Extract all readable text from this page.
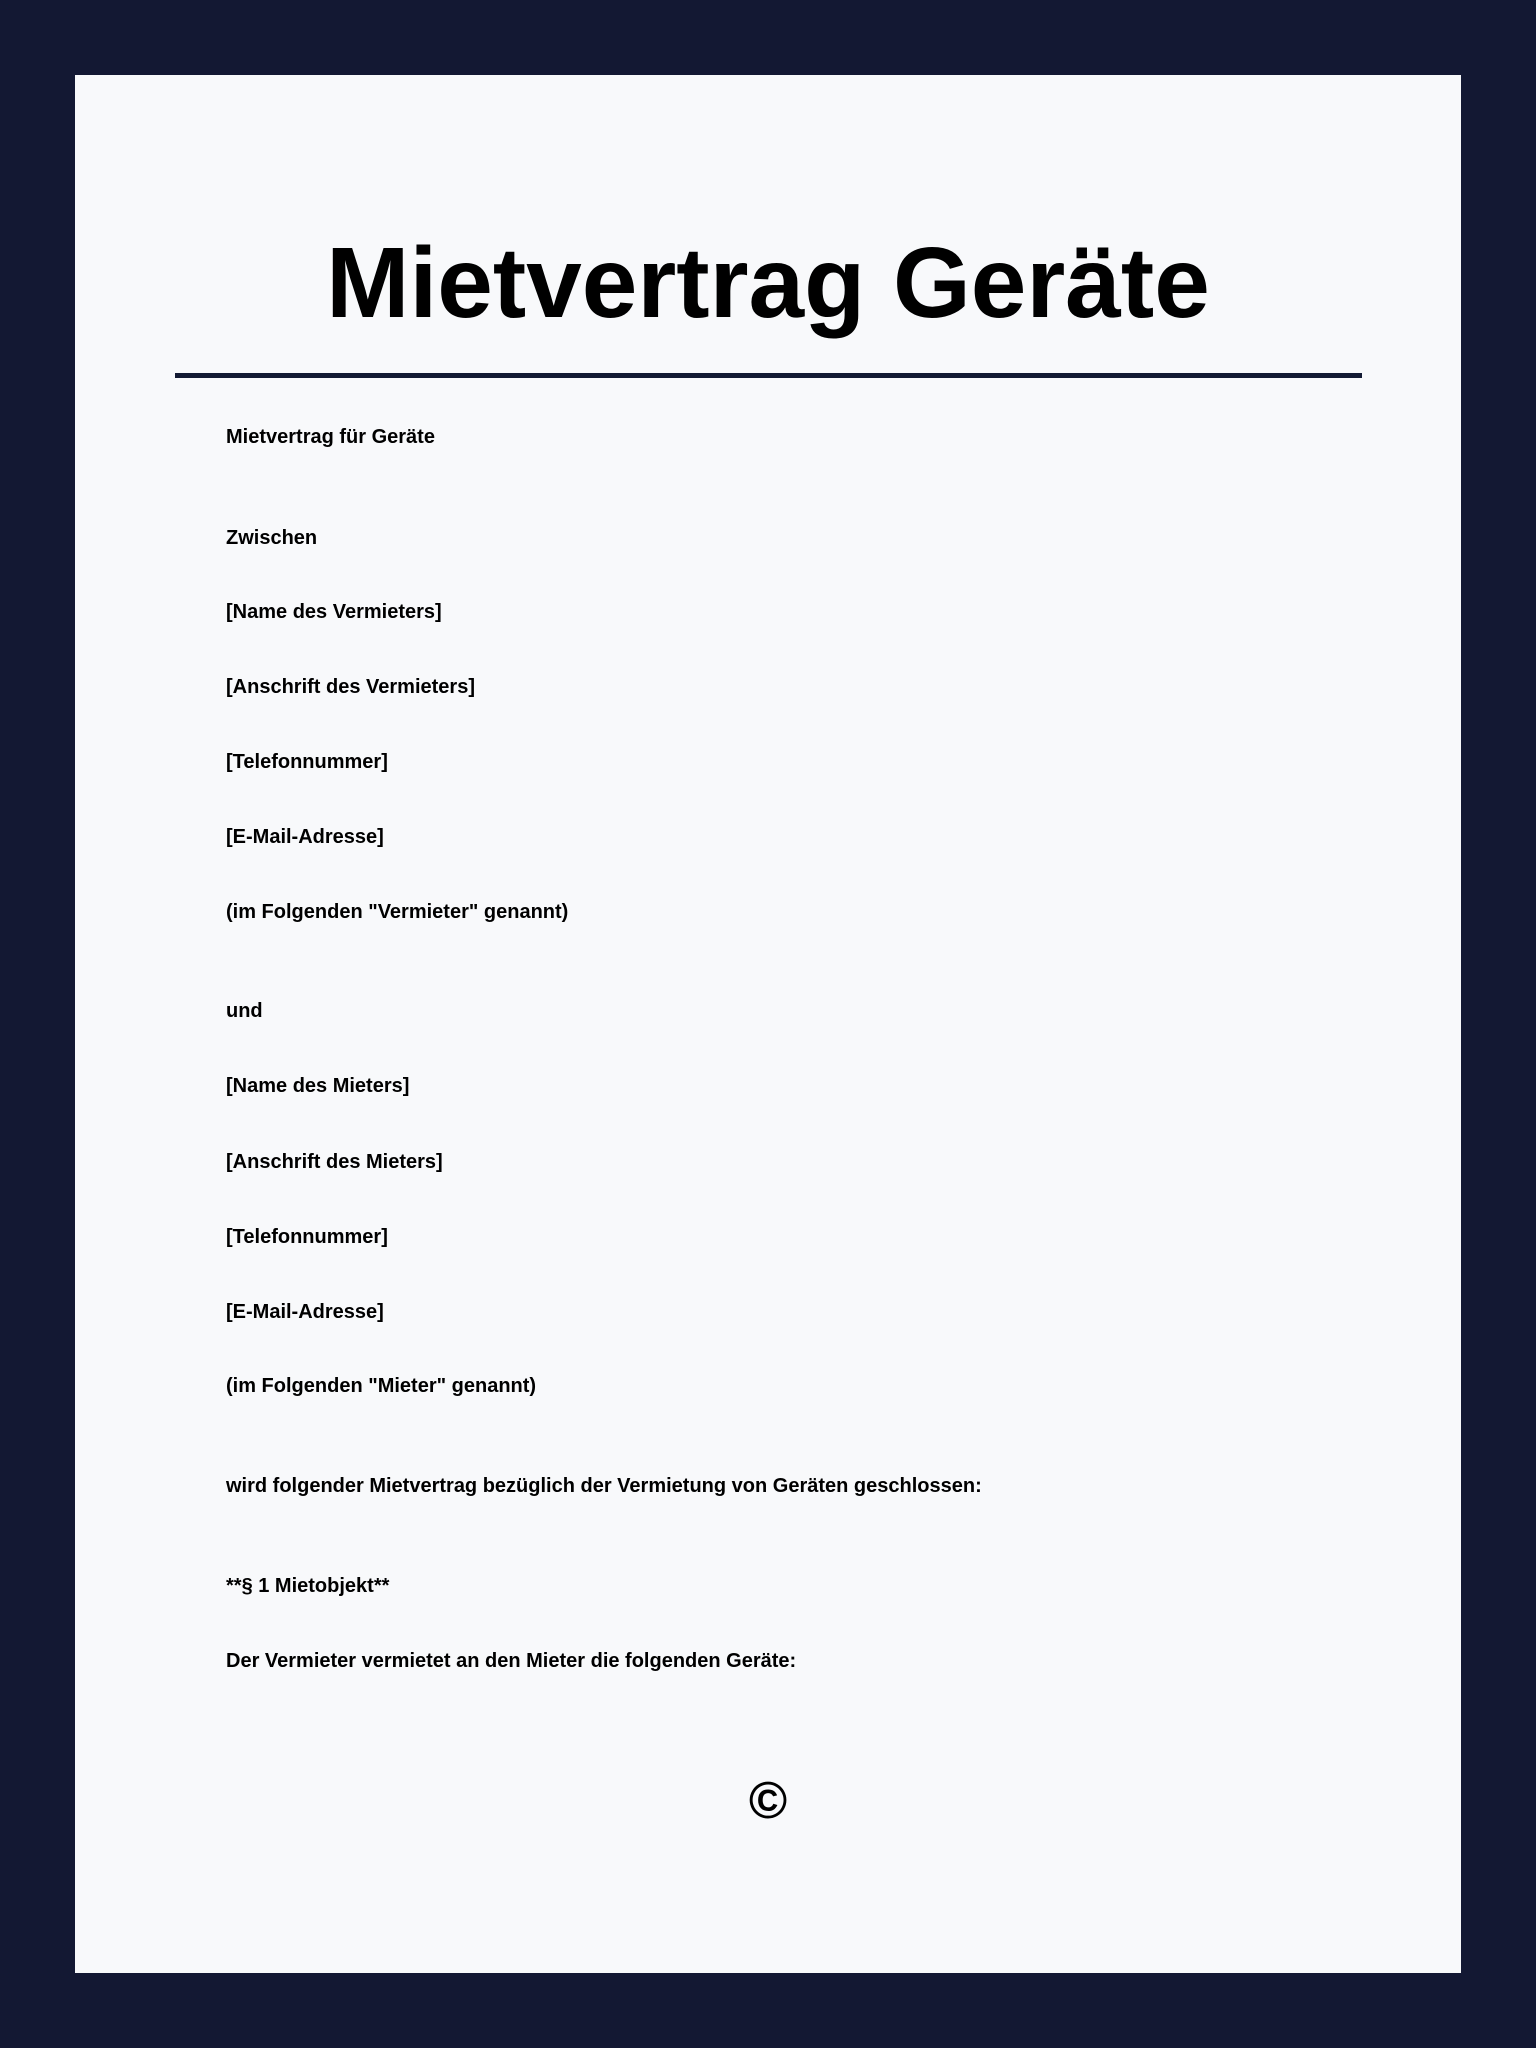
Mietvertrag Geräte

Mietvertrag für Geräte

Zwischen

[Name des Vermieters]

[Anschrift des Vermieters]

[Telefonnummer]

[E-Mail-Adresse]

(im Folgenden "Vermieter" genannt)

und

[Name des Mieters]

[Anschrift des Mieters]

[Telefonnummer]

[E-Mail-Adresse]

(im Folgenden "Mieter" genannt)

wird folgender Mietvertrag bezüglich der Vermietung von Geräten geschlossen:

**§ 1 Mietobjekt**

Der Vermieter vermietet an den Mieter die folgenden Geräte:

©
